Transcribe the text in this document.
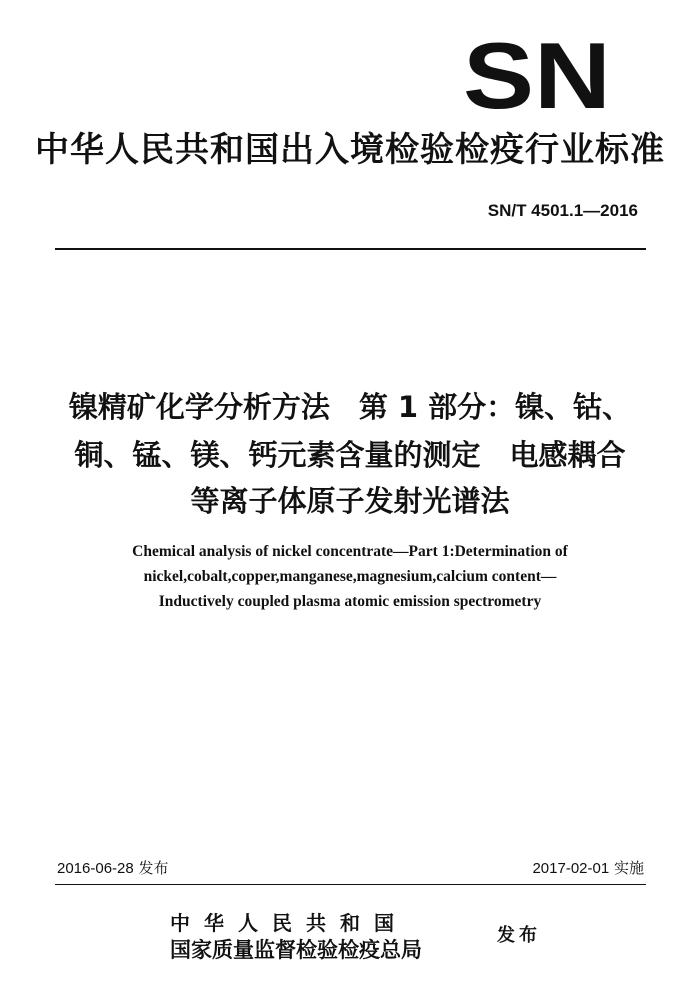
SN
中华人民共和国出入境检验检疫行业标准
SN/T 4501.1—2016
镍精矿化学分析方法　第 1 部分：镍、钴、
铜、锰、镁、钙元素含量的测定　电感耦合
等离子体原子发射光谱法
Chemical analysis of nickel concentrate—Part 1:Determination of
nickel,cobalt,copper,manganese,magnesium,calcium content—
Inductively coupled plasma atomic emission spectrometry
2016-06-28 发布	2017-02-01 实施
中华人民共和国
国家质量监督检验检疫总局
发布
